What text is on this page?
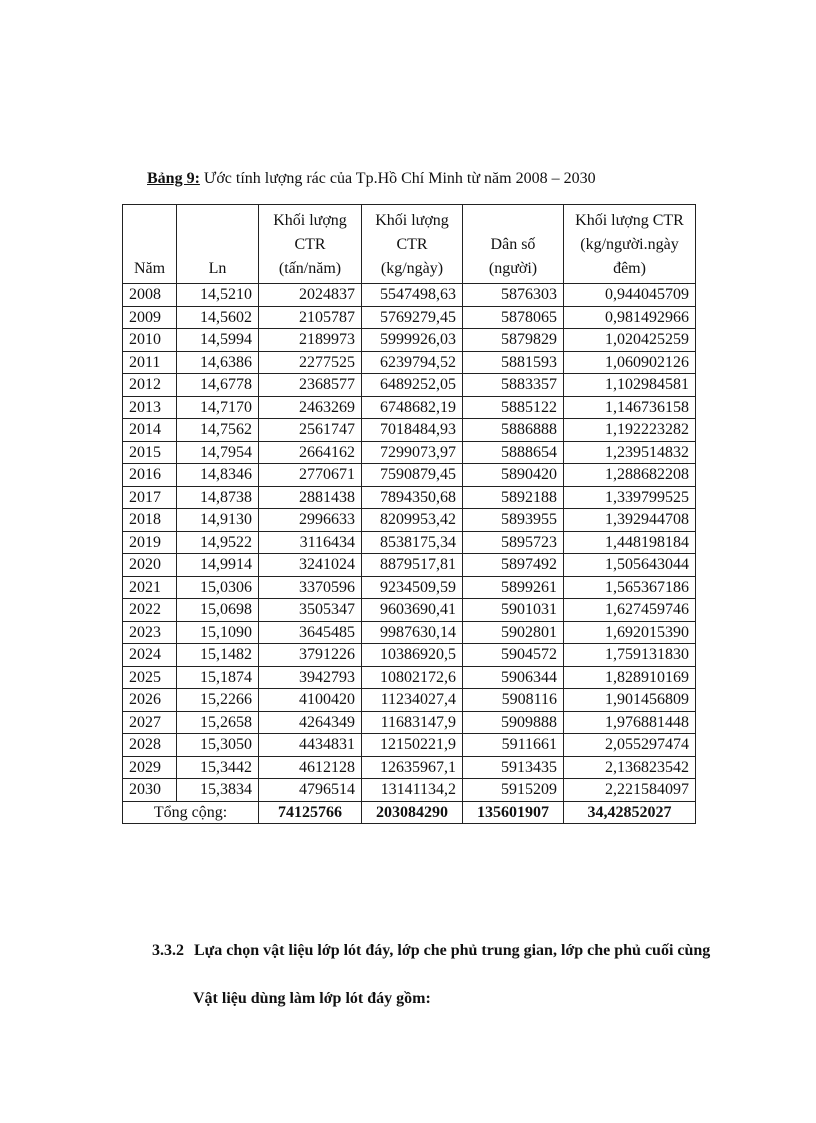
Bảng 9: Ước tính lượng rác của Tp.Hồ Chí Minh từ năm 2008 – 2030
Năm	Ln	Khối lượng CTR (tấn/năm)	Khối lượng CTR (kg/ngày)	Dân số (người)	Khối lượng CTR (kg/người.ngày đêm)
2008	14,5210	2024837	5547498,63	5876303	0,944045709
2009	14,5602	2105787	5769279,45	5878065	0,981492966
2010	14,5994	2189973	5999926,03	5879829	1,020425259
2011	14,6386	2277525	6239794,52	5881593	1,060902126
2012	14,6778	2368577	6489252,05	5883357	1,102984581
2013	14,7170	2463269	6748682,19	5885122	1,146736158
2014	14,7562	2561747	7018484,93	5886888	1,192223282
2015	14,7954	2664162	7299073,97	5888654	1,239514832
2016	14,8346	2770671	7590879,45	5890420	1,288682208
2017	14,8738	2881438	7894350,68	5892188	1,339799525
2018	14,9130	2996633	8209953,42	5893955	1,392944708
2019	14,9522	3116434	8538175,34	5895723	1,448198184
2020	14,9914	3241024	8879517,81	5897492	1,505643044
2021	15,0306	3370596	9234509,59	5899261	1,565367186
2022	15,0698	3505347	9603690,41	5901031	1,627459746
2023	15,1090	3645485	9987630,14	5902801	1,692015390
2024	15,1482	3791226	10386920,5	5904572	1,759131830
2025	15,1874	3942793	10802172,6	5906344	1,828910169
2026	15,2266	4100420	11234027,4	5908116	1,901456809
2027	15,2658	4264349	11683147,9	5909888	1,976881448
2028	15,3050	4434831	12150221,9	5911661	2,055297474
2029	15,3442	4612128	12635967,1	5913435	2,136823542
2030	15,3834	4796514	13141134,2	5915209	2,221584097
Tổng cộng:		74125766	203084290	135601907	34,42852027
3.3.2 Lựa chọn vật liệu lớp lót đáy, lớp che phủ trung gian, lớp che phủ cuối cùng
Vật liệu dùng làm lớp lót đáy gồm:
